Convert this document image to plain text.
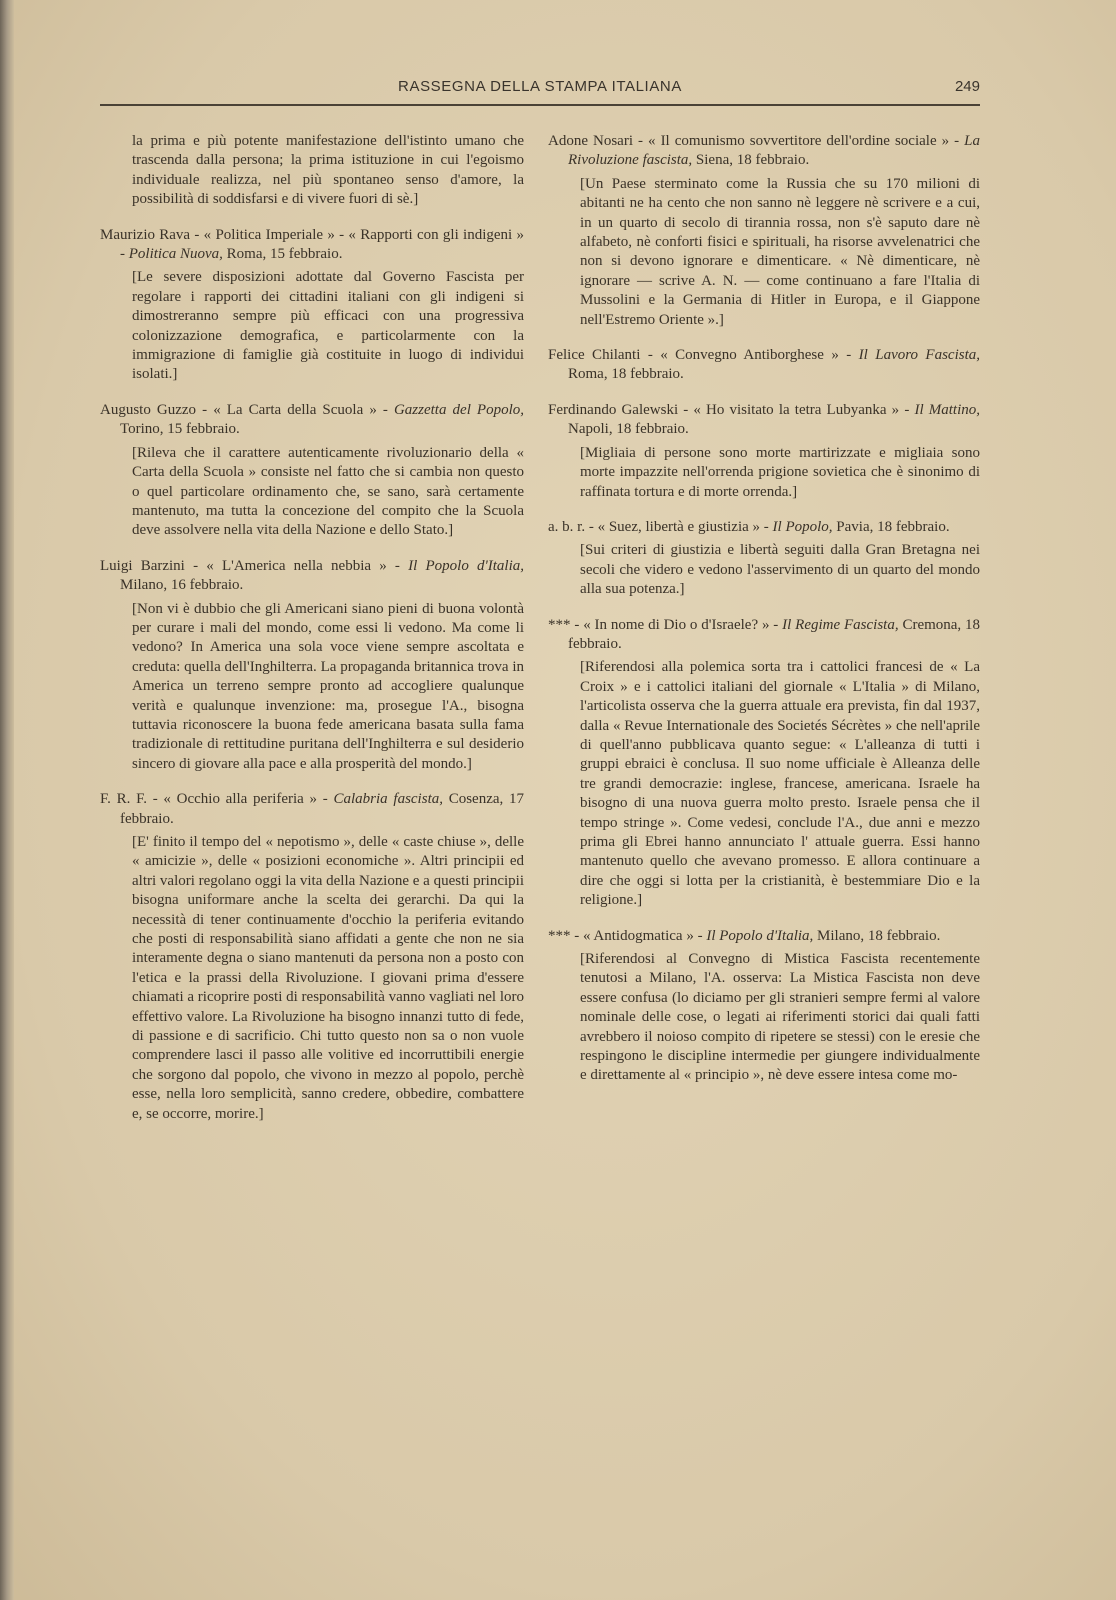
RASSEGNA DELLA STAMPA ITALIANA	249

la prima e più potente manifestazione dell'istinto umano che trascenda dalla persona; la prima istituzione in cui l'egoismo individuale realizza, nel più spontaneo senso d'amore, la possibilità di soddisfarsi e di vivere fuori di sè.]

Maurizio Rava - « Politica Imperiale » - « Rapporti con gli indigeni » - Politica Nuova, Roma, 15 febbraio.

[Le severe disposizioni adottate dal Governo Fascista per regolare i rapporti dei cittadini italiani con gli indigeni si dimostreranno sempre più efficaci con una progressiva colonizzazione demografica, e particolarmente con la immigrazione di famiglie già costituite in luogo di individui isolati.]

Augusto Guzzo - « La Carta della Scuola » - Gazzetta del Popolo, Torino, 15 febbraio.

[Rileva che il carattere autenticamente rivoluzionario della « Carta della Scuola » consiste nel fatto che si cambia non questo o quel particolare ordinamento che, se sano, sarà certamente mantenuto, ma tutta la concezione del compito che la Scuola deve assolvere nella vita della Nazione e dello Stato.]

Luigi Barzini - « L'America nella nebbia » - Il Popolo d'Italia, Milano, 16 febbraio.

[Non vi è dubbio che gli Americani siano pieni di buona volontà per curare i mali del mondo, come essi li vedono. Ma come li vedono? In America una sola voce viene sempre ascoltata e creduta: quella dell'Inghilterra. La propaganda britannica trova in America un terreno sempre pronto ad accogliere qualunque verità e qualunque invenzione: ma, prosegue l'A., bisogna tuttavia riconoscere la buona fede americana basata sulla fama tradizionale di rettitudine puritana dell'Inghilterra e sul desiderio sincero di giovare alla pace e alla prosperità del mondo.]

F. R. F. - « Occhio alla periferia » - Calabria fascista, Cosenza, 17 febbraio.

[E' finito il tempo del « nepotismo », delle « caste chiuse », delle « amicizie », delle « posizioni economiche ». Altri principii ed altri valori regolano oggi la vita della Nazione e a questi principii bisogna uniformare anche la scelta dei gerarchi. Da qui la necessità di tener continuamente d'occhio la periferia evitando che posti di responsabilità siano affidati a gente che non ne sia interamente degna o siano mantenuti da persona non a posto con l'etica e la prassi della Rivoluzione. I giovani prima d'essere chiamati a ricoprire posti di responsabilità vanno vagliati nel loro effettivo valore. La Rivoluzione ha bisogno innanzi tutto di fede, di passione e di sacrificio. Chi tutto questo non sa o non vuole comprendere lasci il passo alle volitive ed incorruttibili energie che sorgono dal popolo, che vivono in mezzo al popolo, perchè esse, nella loro semplicità, sanno credere, obbedire, combattere e, se occorre, morire.]

Adone Nosari - « Il comunismo sovvertitore dell'ordine sociale » - La Rivoluzione fascista, Siena, 18 febbraio.

[Un Paese sterminato come la Russia che su 170 milioni di abitanti ne ha cento che non sanno nè leggere nè scrivere e a cui, in un quarto di secolo di tirannia rossa, non s'è saputo dare nè alfabeto, nè conforti fisici e spirituali, ha risorse avvelenatrici che non si devono ignorare e dimenticare. « Nè dimenticare, nè ignorare — scrive A. N. — come continuano a fare l'Italia di Mussolini e la Germania di Hitler in Europa, e il Giappone nell'Estremo Oriente ».]

Felice Chilanti - « Convegno Antiborghese » - Il Lavoro Fascista, Roma, 18 febbraio.

Ferdinando Galewski - « Ho visitato la tetra Lubyanka » - Il Mattino, Napoli, 18 febbraio.

[Migliaia di persone sono morte martirizzate e migliaia sono morte impazzite nell'orrenda prigione sovietica che è sinonimo di raffinata tortura e di morte orrenda.]

a. b. r. - « Suez, libertà e giustizia » - Il Popolo, Pavia, 18 febbraio.

[Sui criteri di giustizia e libertà seguiti dalla Gran Bretagna nei secoli che videro e vedono l'asservimento di un quarto del mondo alla sua potenza.]

*** - « In nome di Dio o d'Israele? » - Il Regime Fascista, Cremona, 18 febbraio.

[Riferendosi alla polemica sorta tra i cattolici francesi de « La Croix » e i cattolici italiani del giornale « L'Italia » di Milano, l'articolista osserva che la guerra attuale era prevista, fin dal 1937, dalla « Revue Internationale des Societés Sécrètes » che nell'aprile di quell'anno pubblicava quanto segue: « L'alleanza di tutti i gruppi ebraici è conclusa. Il suo nome ufficiale è Alleanza delle tre grandi democrazie: inglese, francese, americana. Israele ha bisogno di una nuova guerra molto presto. Israele pensa che il tempo stringe ». Come vedesi, conclude l'A., due anni e mezzo prima gli Ebrei hanno annunciato l' attuale guerra. Essi hanno mantenuto quello che avevano promesso. E allora continuare a dire che oggi si lotta per la cristianità, è bestemmiare Dio e la religione.]

*** - « Antidogmatica » - Il Popolo d'Italia, Milano, 18 febbraio.

[Riferendosi al Convegno di Mistica Fascista recentemente tenutosi a Milano, l'A. osserva: La Mistica Fascista non deve essere confusa (lo diciamo per gli stranieri sempre fermi al valore nominale delle cose, o legati ai riferimenti storici dai quali fatti avrebbero il noioso compito di ripetere se stessi) con le eresie che respingono le discipline intermedie per giungere individualmente e direttamente al « principio », nè deve essere intesa come mo-
